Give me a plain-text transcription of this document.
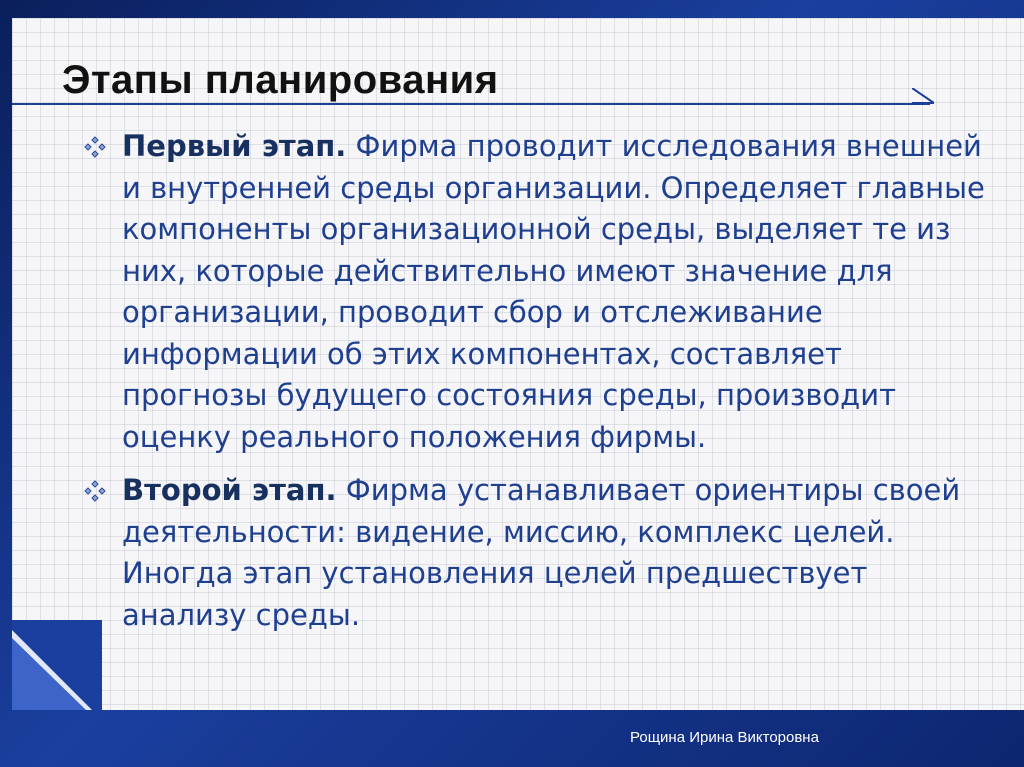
Этапы планирования
Первый этап. Фирма проводит исследования внешней и внутренней среды организации. Определяет главные компоненты организационной среды, выделяет те из них, которые действительно имеют значение для организации, проводит сбор и отслеживание информации об этих компонентах, составляет прогнозы будущего состояния среды, производит оценку реального положения фирмы.
Второй этап. Фирма устанавливает ориентиры своей деятельности: видение, миссию, комплекс целей. Иногда этап установления целей предшествует анализу среды.
Рощина Ирина Викторовна
